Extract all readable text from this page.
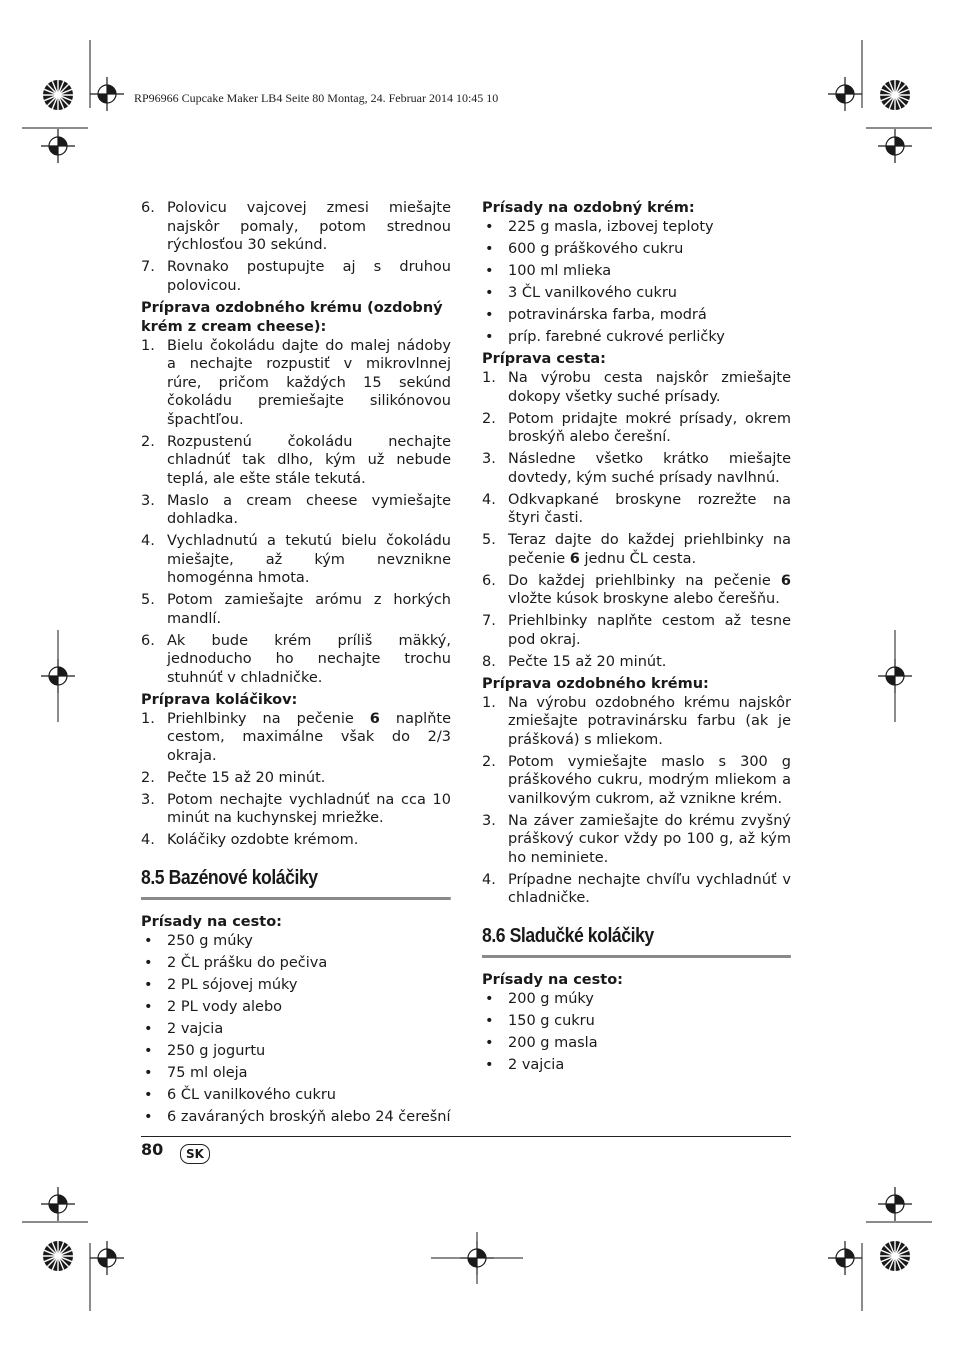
RP96966 Cupcake Maker LB4 Seite 80 Montag, 24. Februar 2014 10:45 10
6. Polovicu vajcovej zmesi miešajte najskôr pomaly, potom strednou rýchlosťou 30 sekúnd.
7. Rovnako postupujte aj s druhou polovicou.

Príprava ozdobného krému (ozdobný krém z cream cheese):

1. Bielu čokoládu dajte do malej nádoby a nechajte rozpustiť v mikrovlnnej rúre, pričom každých 15 sekúnd čokoládu premiešajte silikónovou špachtľou.
2. Rozpustenú čokoládu nechajte chladnúť tak dlho, kým už nebude teplá, ale ešte stále tekutá.
3. Maslo a cream cheese vymiešajte dohladka.
4. Vychladnutú a tekutú bielu čokoládu miešajte, až kým nevznikne homogénna hmota.
5. Potom zamiešajte arómu z horkých mandlí.
6. Ak bude krém príliš mäkký, jednoducho ho nechajte trochu stuhnúť v chladničke.

Príprava koláčikov:

1. Priehlbinky na pečenie 6 naplňte cestom, maximálne však do 2/3 okraja.
2. Pečte 15 až 20 minút.
3. Potom nechajte vychladnúť na cca 10 minút na kuchynskej mriežke.
4. Koláčiky ozdobte krémom.
8.5 Bazénové koláčiky

Prísady na cesto:

• 250 g múky
• 2 ČL prášku do pečiva
• 2 PL sójovej múky
• 2 PL vody alebo
• 2 vajcia
• 250 g jogurtu
• 75 ml oleja
• 6 ČL vanilkového cukru
• 6 zaváraných broskýň alebo 24 čerešní

Prísady na ozdobný krém:

• 225 g masla, izbovej teploty
• 600 g práškového cukru
• 100 ml mlieka
• 3 ČL vanilkového cukru
• potravinárska farba, modrá
• príp. farebné cukrové perličky

Príprava cesta:

1. Na výrobu cesta najskôr zmiešajte dokopy všetky suché prísady.
2. Potom pridajte mokré prísady, okrem broskýň alebo čerešní.
3. Následne všetko krátko miešajte dovtedy, kým suché prísady navlhnú.
4. Odkvapkané broskyne rozrežte na štyri časti.
5. Teraz dajte do každej priehlbinky na pečenie 6 jednu ČL cesta.
6. Do každej priehlbinky na pečenie 6 vložte kúsok broskyne alebo čerešňu.
7. Priehlbinky naplňte cestom až tesne pod okraj.
8. Pečte 15 až 20 minút.

Príprava ozdobného krému:

1. Na výrobu ozdobného krému najskôr zmiešajte potravinársku farbu (ak je prášková) s mliekom.
2. Potom vymiešajte maslo s 300 g práškového cukru, modrým mliekom a vanilkovým cukrom, až vznikne krém.
3. Na záver zamiešajte do krému zvyšný práškový cukor vždy po 100 g, až kým ho neminiete.
4. Prípadne nechajte chvíľu vychladnúť v chladničke.
8.6 Sladučké koláčiky

Prísady na cesto:

• 200 g múky
• 150 g cukru
• 200 g masla
• 2 vajcia
80	SK
